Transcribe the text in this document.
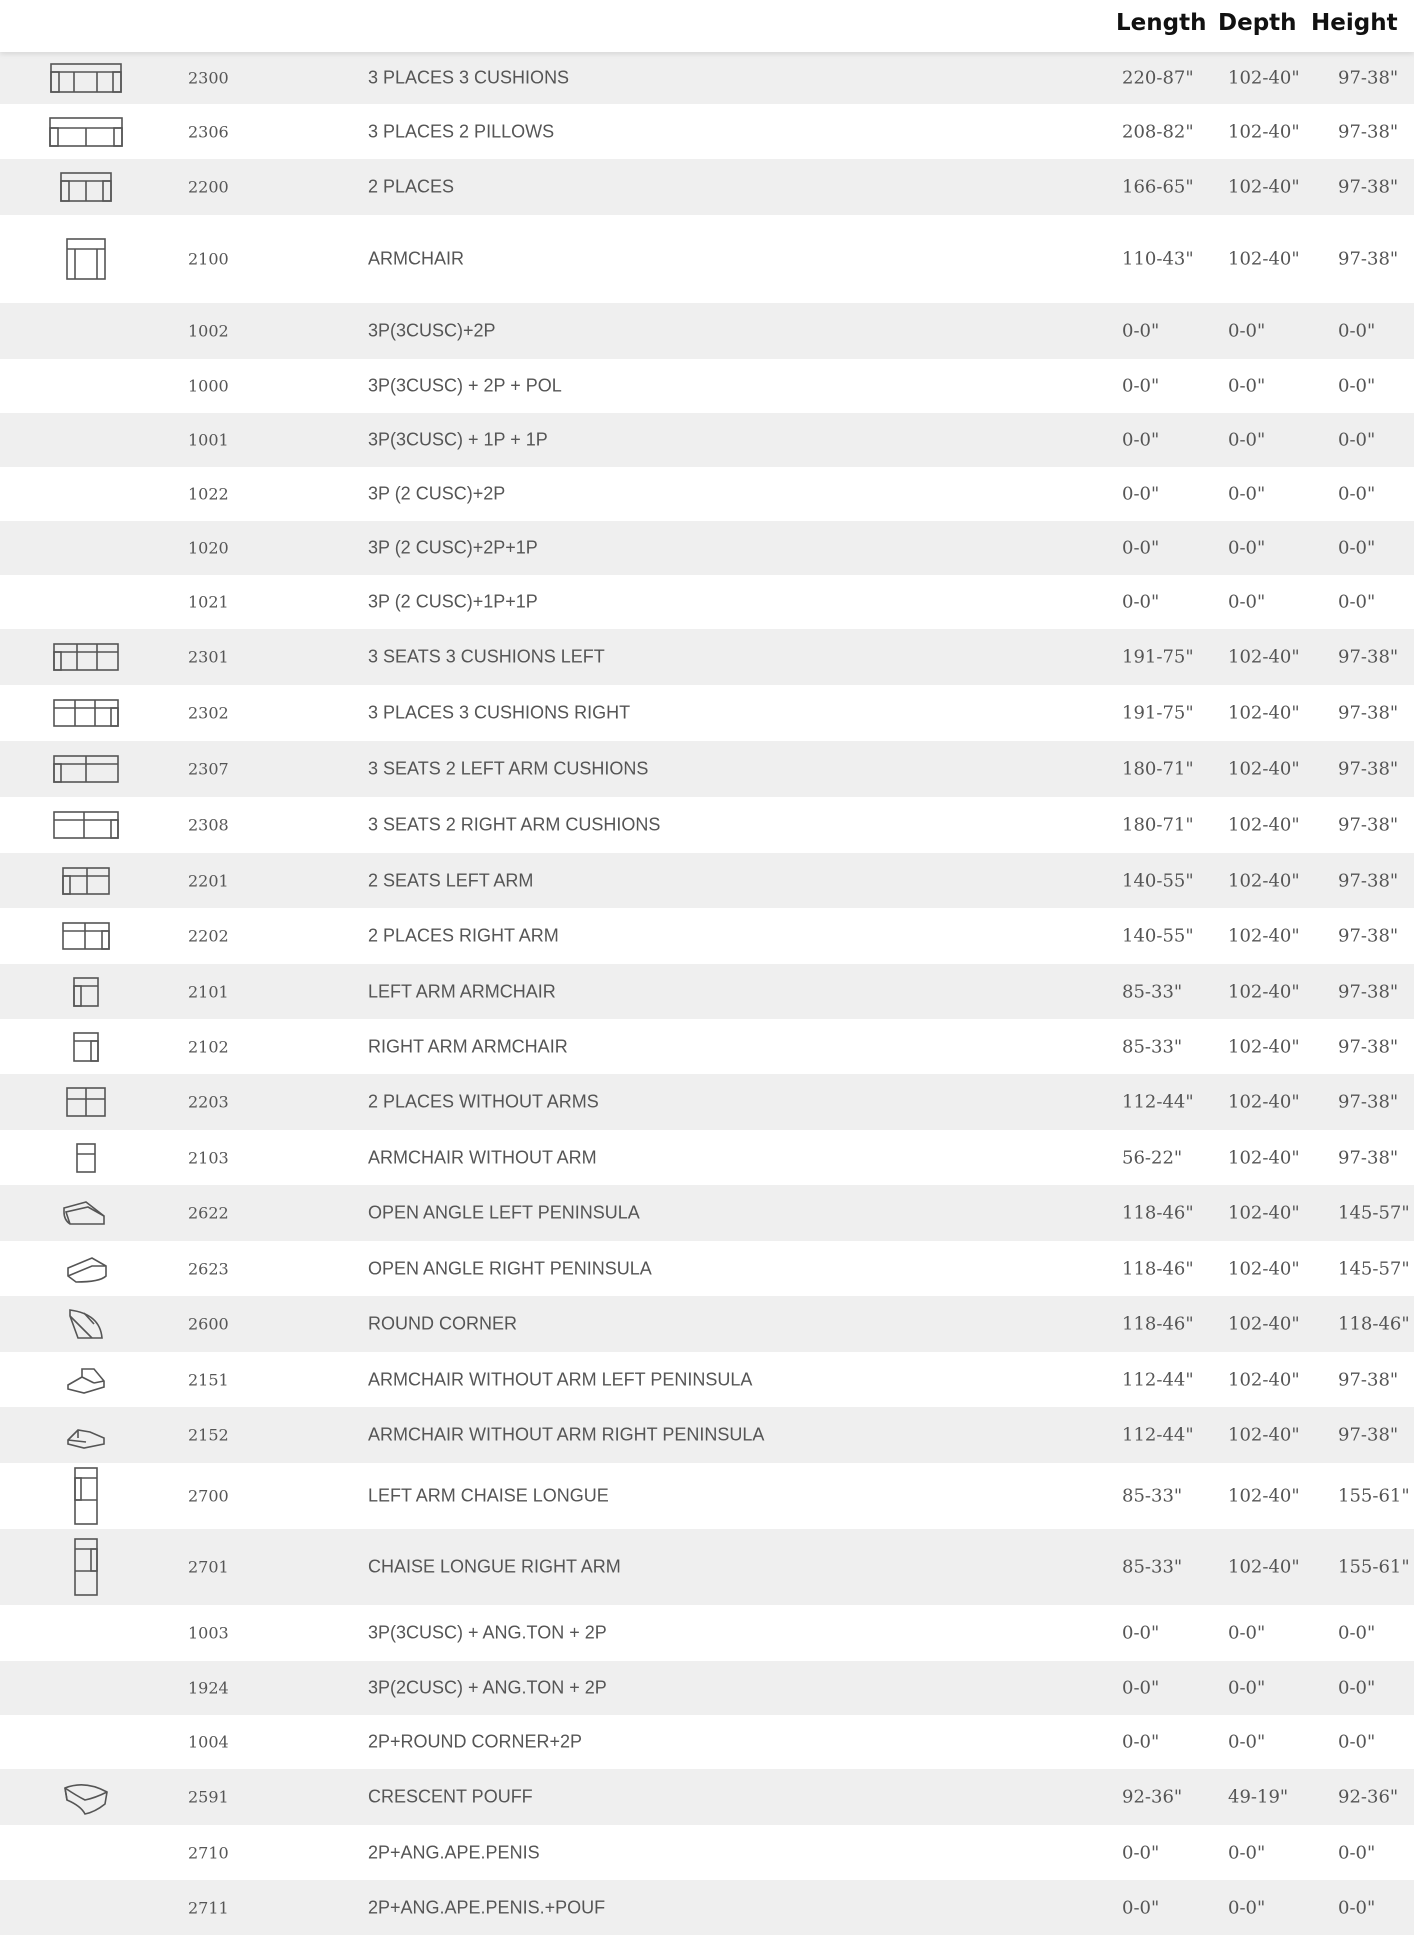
Length Depth Height
2300	3 PLACES 3 CUSHIONS	220-87" 102-40" 97-38"
2306	3 PLACES 2 PILLOWS	208-82" 102-40" 97-38"
2200	2 PLACES	166-65" 102-40" 97-38"
2100	ARMCHAIR	110-43" 102-40" 97-38"
1002	3P(3CUSC)+2P	0-0"	0-0"	0-0"
1000	3P(3CUSC) + 2P + POL	0-0"	0-0"	0-0"
1001	3P(3CUSC) + 1P + 1P	0-0"	0-0"	0-0"
1022	3P (2 CUSC)+2P	0-0"	0-0"	0-0"
1020	3P (2 CUSC)+2P+1P	0-0"	0-0"	0-0"
1021	3P (2 CUSC)+1P+1P	0-0"	0-0"	0-0"
2301	3 SEATS 3 CUSHIONS LEFT	191-75" 102-40" 97-38"
2302	3 PLACES 3 CUSHIONS RIGHT	191-75" 102-40" 97-38"
2307	3 SEATS 2 LEFT ARM CUSHIONS	180-71" 102-40" 97-38"
2308	3 SEATS 2 RIGHT ARM CUSHIONS	180-71" 102-40" 97-38"
2201	2 SEATS LEFT ARM	140-55" 102-40" 97-38"
2202	2 PLACES RIGHT ARM	140-55" 102-40" 97-38"
2101	LEFT ARM ARMCHAIR	85-33"	102-40" 97-38"
2102	RIGHT ARM ARMCHAIR	85-33"	102-40" 97-38"
2203	2 PLACES WITHOUT ARMS	112-44" 102-40" 97-38"
2103	ARMCHAIR WITHOUT ARM	56-22"	102-40" 97-38"
2622	OPEN ANGLE LEFT PENINSULA	118-46" 102-40" 145-57"
2623	OPEN ANGLE RIGHT PENINSULA	118-46" 102-40" 145-57"
2600	ROUND CORNER	118-46" 102-40" 118-46"
2151	ARMCHAIR WITHOUT ARM LEFT PENINSULA	112-44" 102-40" 97-38"
2152	ARMCHAIR WITHOUT ARM RIGHT PENINSULA	112-44" 102-40" 97-38"
2700	LEFT ARM CHAISE LONGUE	85-33"	102-40" 155-61"
2701	CHAISE LONGUE RIGHT ARM	85-33"	102-40" 155-61"
1003	3P(3CUSC) + ANG.TON + 2P	0-0"	0-0"	0-0"
1924	3P(2CUSC) + ANG.TON + 2P	0-0"	0-0"	0-0"
1004	2P+ROUND CORNER+2P	0-0"	0-0"	0-0"
2591	CRESCENT POUFF	92-36"	49-19"	92-36"
2710	2P+ANG.APE.PENIS	0-0"	0-0"	0-0"
2711	2P+ANG.APE.PENIS.+POUF	0-0"	0-0"	0-0"
